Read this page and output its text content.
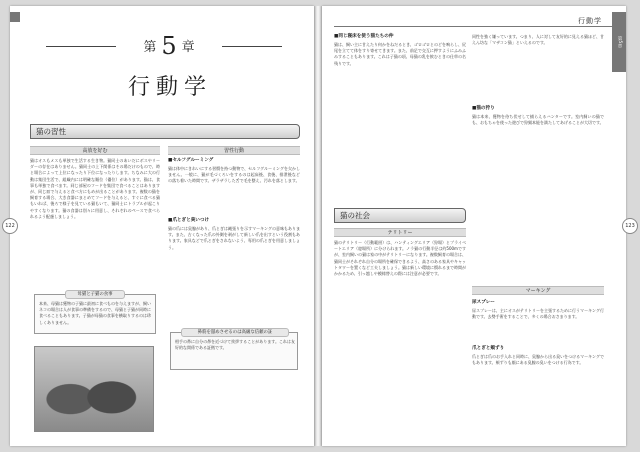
第 5 章
行動学
猫の習性
高放を好む
猫はオスもメスも単独で生活する生き物。猫同士のあいだにボスやリーダーの存在はありません。猫同士の上下関係はその場だけのもので、時と場合によって上位になったり下位になったりします。ちなみに大の行動は集団生活で、組織内には明確な順位（優位）があります。猫は、食事も単独で食べます。同じ部屋のフードを集団で食べることはありますが、同じ皿で与えると食べ方にもめが出ることがあります。複数の猫を飼育する場合、大き食器にまとめてフードを与えると、すぐに食べる猫もいれば、後ろで様子を見ている猫もいて、猫同士にトラブルが起こりやすくなります。猫の食器は別々に用意し、それぞれのペースで食べられるよう配慮しましょう。
母猫と子猫の食事
本来、母猫は獲物の子猫に最初に食べものを与えますが、飼いネコの場合は人が食事の準備をするので、母猫と子猫が同時に食べることもあります。子猫が母猫の食事を横取りするのは珍しくありません。
習性行動
■セルフグルーミング
猫は体中にきれいにする習慣を持つ動物で、セルフグルーミングを欠かしません。一般に、猫が毛づくろいをするのは起床後、食後、排泄後などの落ち着いた時間です。ザラザラした舌で毛を整え、汚れを落とします。
■爪とぎと臭いつけ
猫の爪には臭腺があり、爪とぎは縄張りを示すマーキングの意味もあります。また、古くなった爪の外側を剥がして新しい爪を出すという役割もあります。家具などで爪とぎをされないよう、専用の爪とぎを用意しましょう。
鼻筋を舐めさせるのは高級な信頼の証
相手の鼻に自分の鼻を近づけて挨拶することがあります。これは友好的な関係である証拠です。
122
行動学
第5章
■同じ寝床を使う猫たちの仲
猫は、飼い主に甘えたり何かをねだるとき、ゴロゴロとのどを鳴らし、尻尾を立てて体をすり寄せてきます。また、前足で交互に押すようにふみふみすることもあります。これは子猫の頃、母猫の乳を飲むときの仕草の名残りです。
猫の社会
テリトリー
猫のテリトリー（行動範囲）は、ハンティングエリア（狩場）とプライベートエリア（寝場所）に分けられます。ノラ猫の行動半径は約500mですが、室内飼いの猫は家の中がテリトリーになります。複数飼育の場合は、猫同士がそれぞれ自分の場所を確保できるよう、高さのある家具やキャットタワーを置くなど工夫しましょう。猫は新しい環境に慣れるまで時間がかかるため、引っ越しや模様替えの際には注意が必要です。
同性を強く嫌っています。つまり、人に対して友好的に見える猫ほど、甘えん坊な「マザコン猫」といえるのです。
■猫の狩り
猫は本来、獲物を待ち伏せして捕らえるハンターです。室内飼いの猫でも、おもちゃを使った遊びで狩猟本能を満たしてあげることが大切です。
マーキング
尿スプレー
尿スプレーは、主にオスがテリトリーを主張するために行うマーキング行動です。去勢手術をすることで、多くの場合おさまります。
爪とぎと頬ずり
爪とぎは爪のお手入れと同時に、臭腺から出る臭いをつけるマーキングでもあります。頬ずりも顔にある臭腺の臭いをつける行為です。
123
